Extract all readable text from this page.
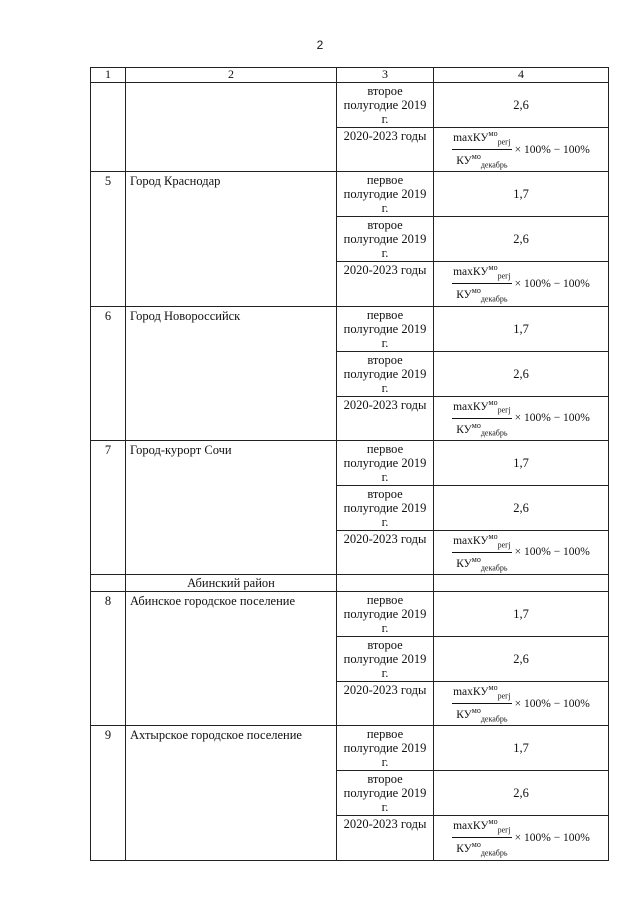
2
1	2	3	4
		второе полугодие 2019 г.	2,6
		2020-2023 годы	maxКУ$^{мо}_{регj}$
$КУ^{мо}_{декабрь}$
× 100% − 100%
5	Город Краснодар	первое полугодие 2019 г.	1,7
		второе полугодие 2019 г.	2,6
		2020-2023 годы	maxКУ$^{мо}_{регj}$
$КУ^{мо}_{декабрь}$
× 100% − 100%
6	Город Новороссийск	первое полугодие 2019 г.	1,7
		второе полугодие 2019 г.	2,6
		2020-2023 годы	maxКУ$^{мо}_{регj}$
$КУ^{мо}_{декабрь}$
× 100% − 100%
7	Город-курорт Сочи	первое полугодие 2019 г.	1,7
		второе полугодие 2019 г.	2,6
		2020-2023 годы	maxКУ$^{мо}_{регj}$
$КУ^{мо}_{декабрь}$
× 100% − 100%
	Абинский район		
8	Абинское городское поселение	первое полугодие 2019 г.	1,7
		второе полугодие 2019 г.	2,6
		2020-2023 годы	maxКУ$^{мо}_{регj}$
$КУ^{мо}_{декабрь}$
× 100% − 100%
9	Ахтырское городское поселение	первое полугодие 2019 г.	1,7
		второе полугодие 2019 г.	2,6
		2020-2023 годы	maxКУ$^{мо}_{регj}$
$КУ^{мо}_{декабрь}$
× 100% − 100%
